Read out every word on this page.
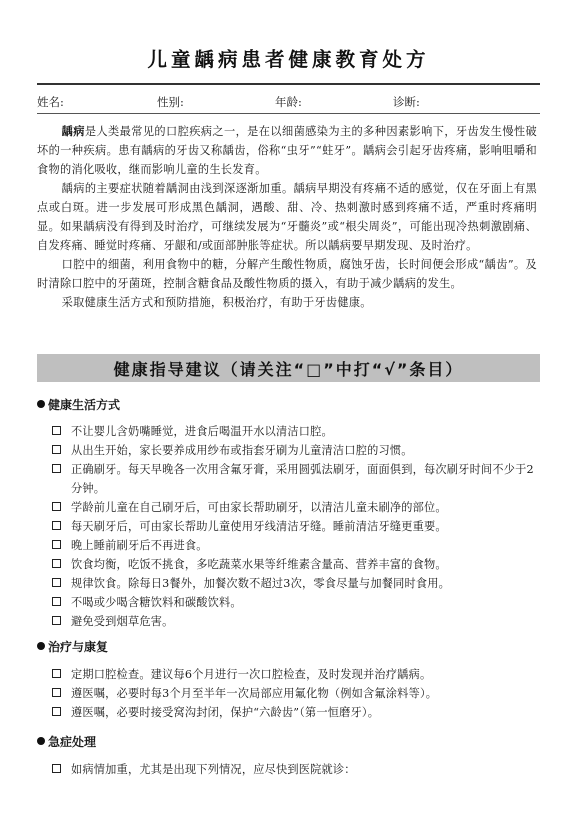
儿童龋病患者健康教育处方
姓名:	性别:	年龄:	诊断:

龋病是人类最常见的口腔疾病之一，是在以细菌感染为主的多种因素影响下，牙齿发生慢性破坏的一种疾病。患有龋病的牙齿又称龋齿，俗称“虫牙”“蛀牙”。龋病会引起牙齿疼痛，影响咀嚼和食物的消化吸收，继而影响儿童的生长发育。

龋病的主要症状随着龋洞由浅到深逐渐加重。龋病早期没有疼痛不适的感觉，仅在牙面上有黑点或白斑。进一步发展可形成黑色龋洞，遇酸、甜、冷、热刺激时感到疼痛不适，严重时疼痛明显。如果龋病没有得到及时治疗，可继续发展为“牙髓炎”或“根尖周炎”，可能出现冷热刺激剧痛、自发疼痛、睡觉时疼痛、牙龈和/或面部肿胀等症状。所以龋病要早期发现、及时治疗。

口腔中的细菌，利用食物中的糖，分解产生酸性物质，腐蚀牙齿，长时间便会形成“龋齿”。及时清除口腔中的牙菌斑，控制含糖食品及酸性物质的摄入，有助于减少龋病的发生。

采取健康生活方式和预防措施，积极治疗，有助于牙齿健康。

健康指导建议（请关注“□”中打“√”条目）
健康生活方式
不让婴儿含奶嘴睡觉，进食后喝温开水以清洁口腔。
从出生开始，家长要养成用纱布或指套牙刷为儿童清洁口腔的习惯。
正确刷牙。每天早晚各一次用含氟牙膏，采用圆弧法刷牙，面面俱到，每次刷牙时间不少于2分钟。
学龄前儿童在自己刷牙后，可由家长帮助刷牙，以清洁儿童未刷净的部位。
每天刷牙后，可由家长帮助儿童使用牙线清洁牙缝。睡前清洁牙缝更重要。
晚上睡前刷牙后不再进食。
饮食均衡，吃饭不挑食，多吃蔬菜水果等纤维素含量高、营养丰富的食物。
规律饮食。除每日3餐外，加餐次数不超过3次，零食尽量与加餐同时食用。
不喝或少喝含糖饮料和碳酸饮料。
避免受到烟草危害。
治疗与康复
定期口腔检查。建议每6个月进行一次口腔检查，及时发现并治疗龋病。
遵医嘱，必要时每3个月至半年一次局部应用氟化物（例如含氟涂料等）。
遵医嘱，必要时接受窝沟封闭，保护“六龄齿”（第一恒磨牙）。
急症处理
如病情加重，尤其是出现下列情况，应尽快到医院就诊：
